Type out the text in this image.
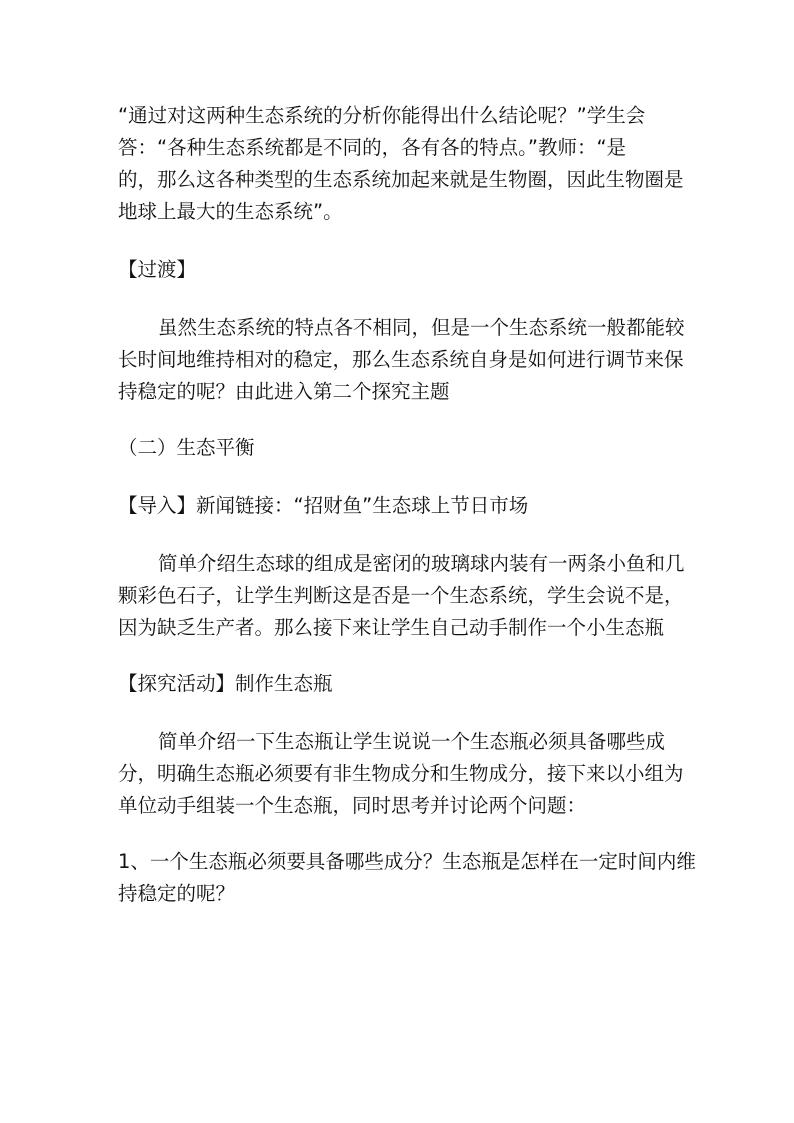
“通过对这两种生态系统的分析你能得出什么结论呢？”学生会
答：“各种生态系统都是不同的，各有各的特点。”教师：“是
的，那么这各种类型的生态系统加起来就是生物圈，因此生物圈是
地球上最大的生态系统”。

【过渡】

虽然生态系统的特点各不相同，但是一个生态系统一般都能较
长时间地维持相对的稳定，那么生态系统自身是如何进行调节来保
持稳定的呢？由此进入第二个探究主题

（二）生态平衡

【导入】新闻链接：“招财鱼”生态球上节日市场

简单介绍生态球的组成是密闭的玻璃球内装有一两条小鱼和几
颗彩色石子，让学生判断这是否是一个生态系统，学生会说不是，
因为缺乏生产者。那么接下来让学生自己动手制作一个小生态瓶

【探究活动】制作生态瓶

简单介绍一下生态瓶让学生说说一个生态瓶必须具备哪些成
分，明确生态瓶必须要有非生物成分和生物成分，接下来以小组为
单位动手组装一个生态瓶，同时思考并讨论两个问题：

1、一个生态瓶必须要具备哪些成分？生态瓶是怎样在一定时间内维
持稳定的呢？
